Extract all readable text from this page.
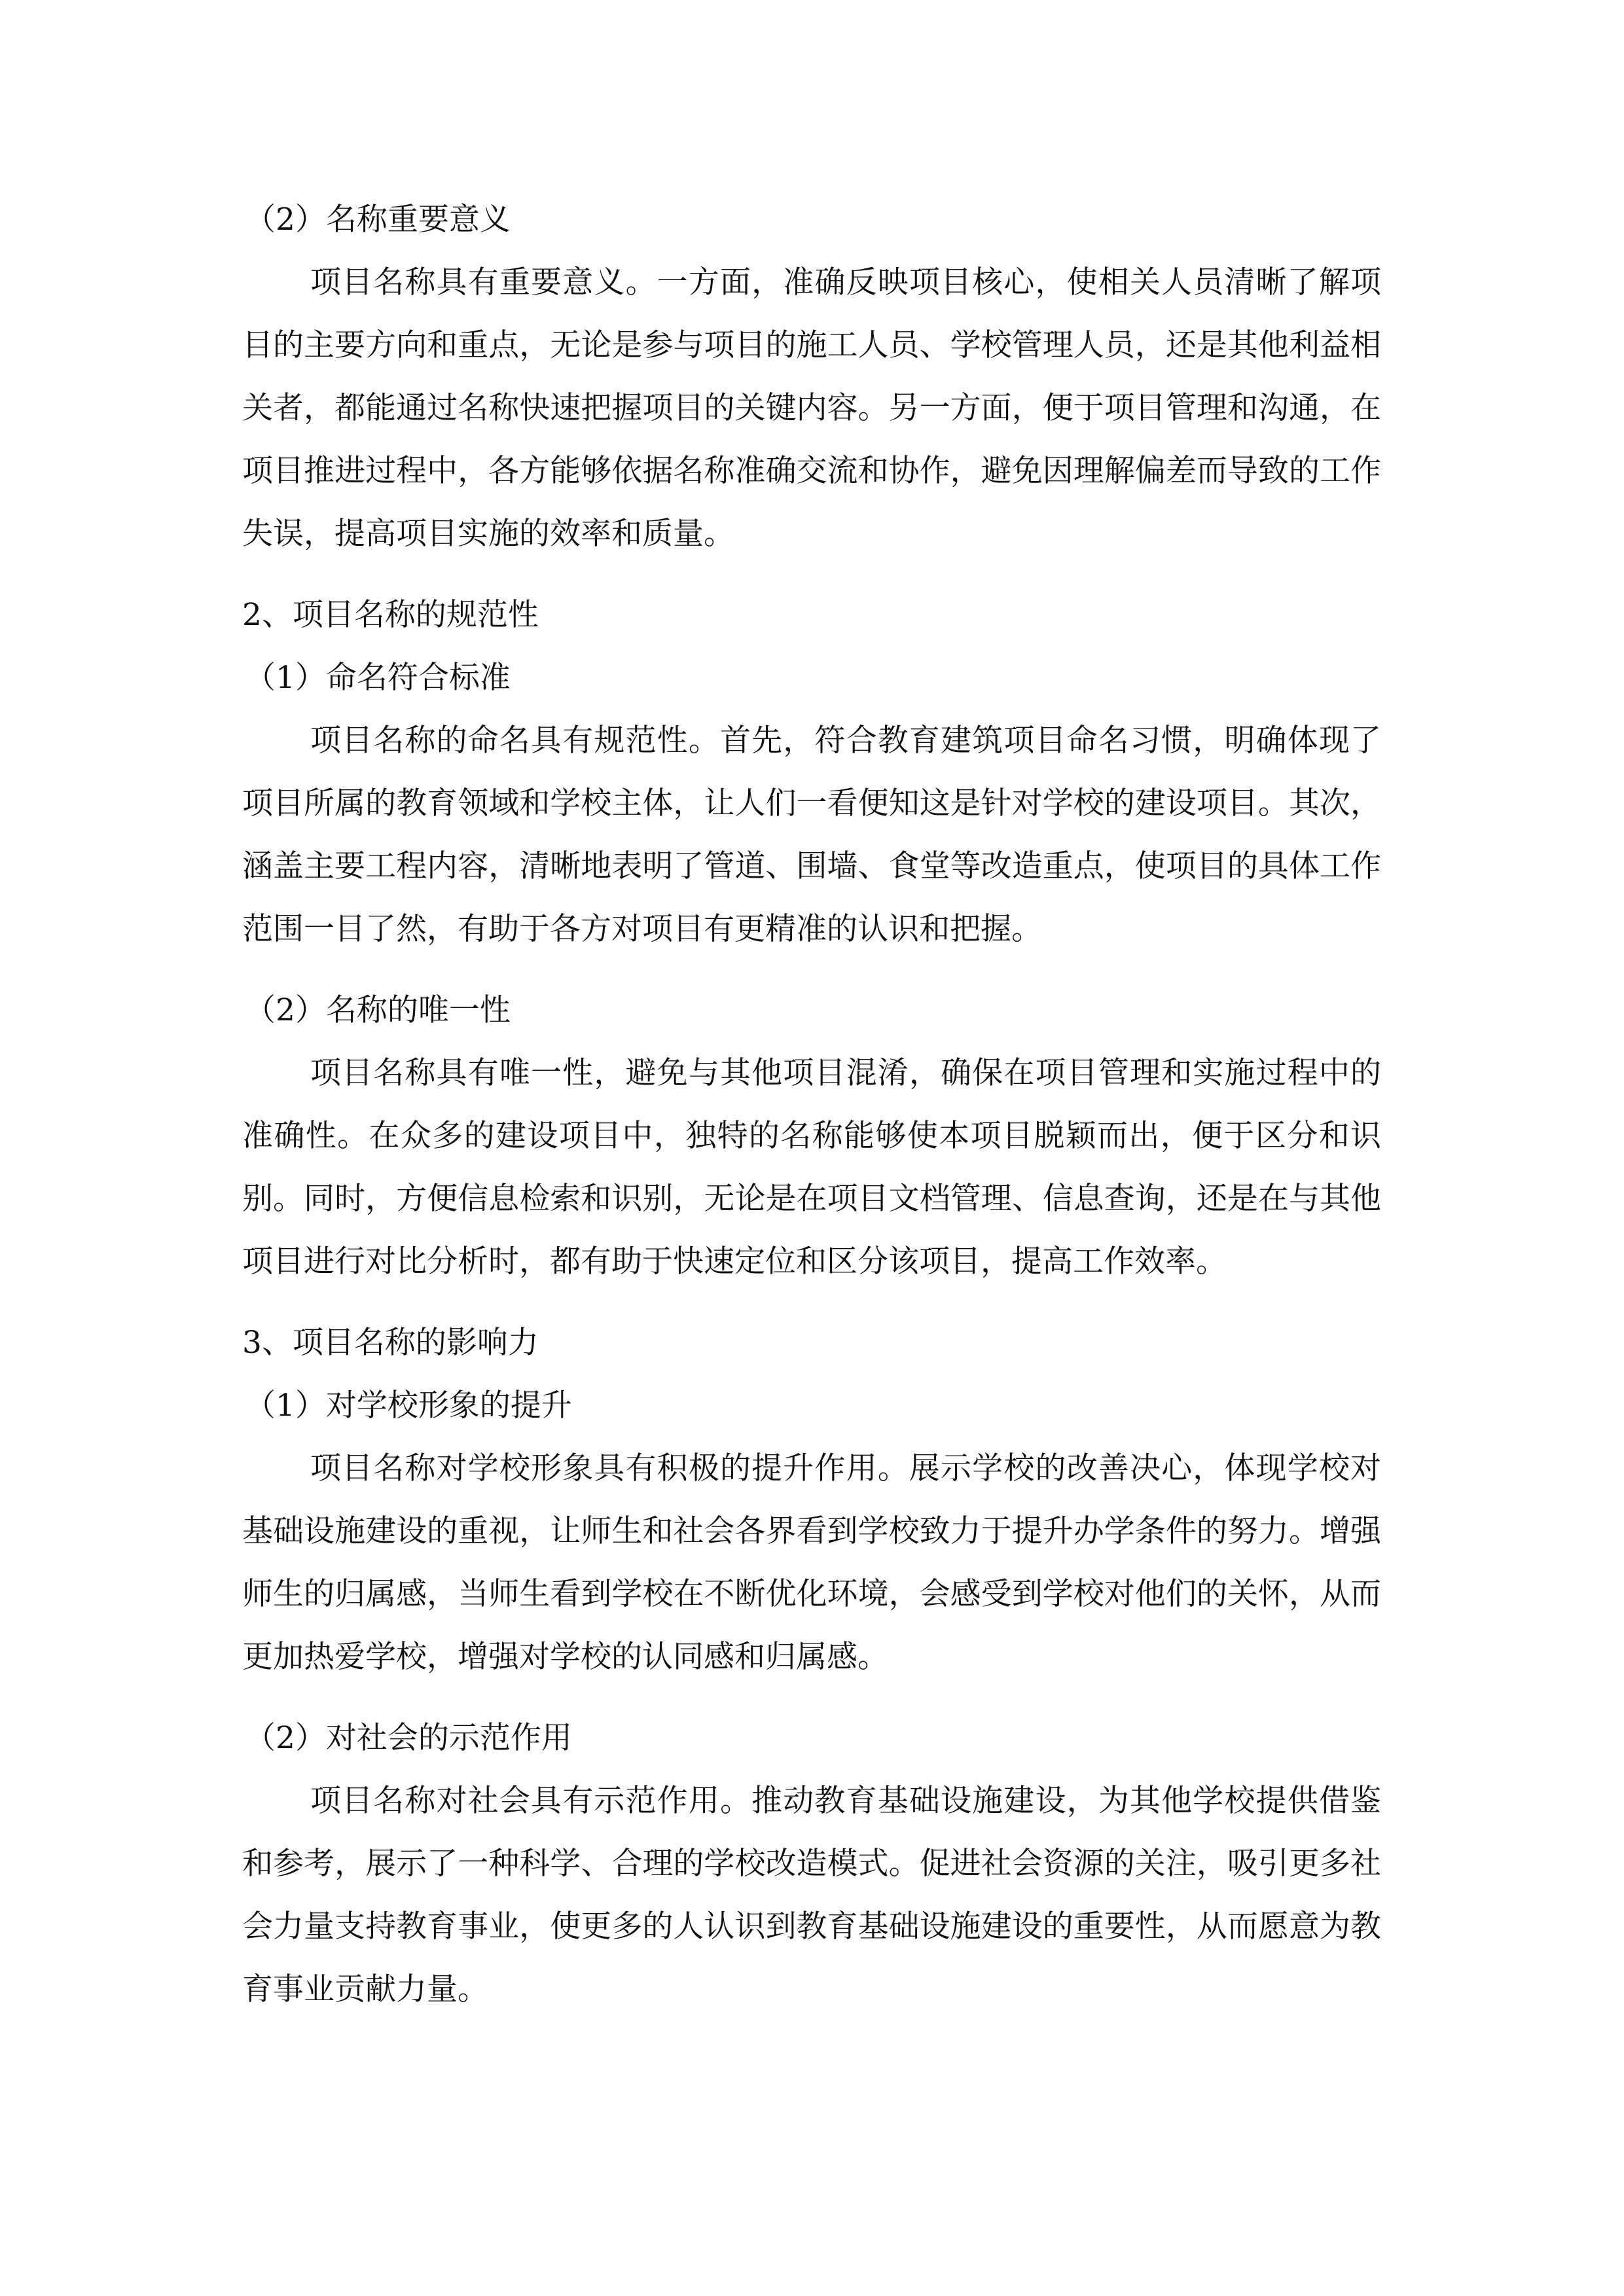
（2）名称重要意义

项目名称具有重要意义。一方面，准确反映项目核心，使相关人员清晰了解项目的主要方向和重点，无论是参与项目的施工人员、学校管理人员，还是其他利益相关者，都能通过名称快速把握项目的关键内容。另一方面，便于项目管理和沟通，在项目推进过程中，各方能够依据名称准确交流和协作，避免因理解偏差而导致的工作失误，提高项目实施的效率和质量。

2、项目名称的规范性

（1）命名符合标准

项目名称的命名具有规范性。首先，符合教育建筑项目命名习惯，明确体现了项目所属的教育领域和学校主体，让人们一看便知这是针对学校的建设项目。其次，涵盖主要工程内容，清晰地表明了管道、围墙、食堂等改造重点，使项目的具体工作范围一目了然，有助于各方对项目有更精准的认识和把握。

（2）名称的唯一性

项目名称具有唯一性，避免与其他项目混淆，确保在项目管理和实施过程中的准确性。在众多的建设项目中，独特的名称能够使本项目脱颖而出，便于区分和识别。同时，方便信息检索和识别，无论是在项目文档管理、信息查询，还是在与其他项目进行对比分析时，都有助于快速定位和区分该项目，提高工作效率。

3、项目名称的影响力

（1）对学校形象的提升

项目名称对学校形象具有积极的提升作用。展示学校的改善决心，体现学校对基础设施建设的重视，让师生和社会各界看到学校致力于提升办学条件的努力。增强师生的归属感，当师生看到学校在不断优化环境，会感受到学校对他们的关怀，从而更加热爱学校，增强对学校的认同感和归属感。

（2）对社会的示范作用

项目名称对社会具有示范作用。推动教育基础设施建设，为其他学校提供借鉴和参考，展示了一种科学、合理的学校改造模式。促进社会资源的关注，吸引更多社会力量支持教育事业，使更多的人认识到教育基础设施建设的重要性，从而愿意为教育事业贡献力量。
